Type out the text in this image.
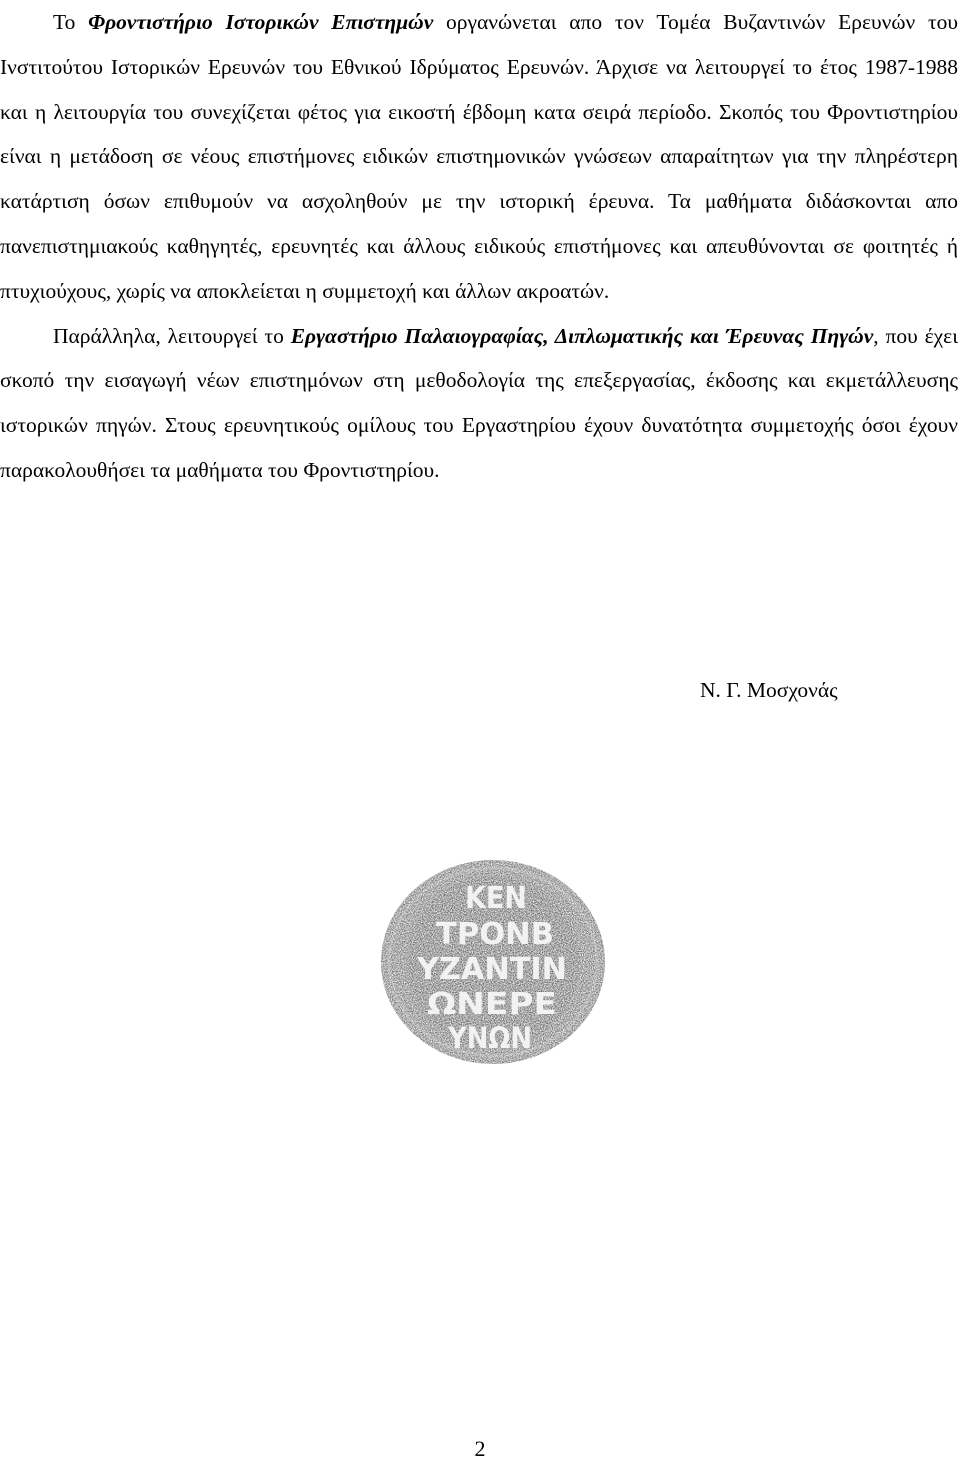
Το Φροντιστήριο Ιστορικών Επιστημών οργανώνεται απο τον Τομέα Βυζαντινών Ερευνών του Ινστιτούτου Ιστορικών Ερευνών του Εθνικού Ιδρύματος Ερευνών. Άρχισε να λειτουργεί το έτος 1987-1988 και η λειτουργία του συνεχίζεται φέτος για εικοστή έβδομη κατα σειρά περίοδο. Σκοπός του Φροντιστηρίου είναι η μετάδοση σε νέους επιστήμονες ειδικών επιστημονικών γνώσεων απαραίτητων για την πληρέστερη κατάρτιση όσων επιθυμούν να ασχοληθούν με την ιστορική έρευνα. Τα μαθήματα διδάσκονται απο πανεπιστημιακούς καθηγητές, ερευνητές και άλλους ειδικούς επιστήμονες και απευθύνονται σε φοιτητές ή πτυχιούχους, χωρίς να αποκλείεται η συμμετοχή και άλλων ακροατών.

Παράλληλα, λειτουργεί το Εργαστήριο Παλαιογραφίας, Διπλωματικής και Έρευνας Πηγών, που έχει σκοπό την εισαγωγή νέων επιστημόνων στη μεθοδολογία της επεξεργασίας, έκδοσης και εκμετάλλευσης ιστορικών πηγών. Στους ερευνητικούς ομίλους του Εργαστηρίου έχουν δυνατότητα συμμετοχής όσοι έχουν παρακολουθήσει τα μαθήματα του Φροντιστηρίου.

Ν. Γ. Μοσχονάς
ΚΕΝ
ΤΡΟΝΒ
ΥΖΑΝΤΙΝ
ΩΝΕΡΕ
ΥΝΩΝ
2
